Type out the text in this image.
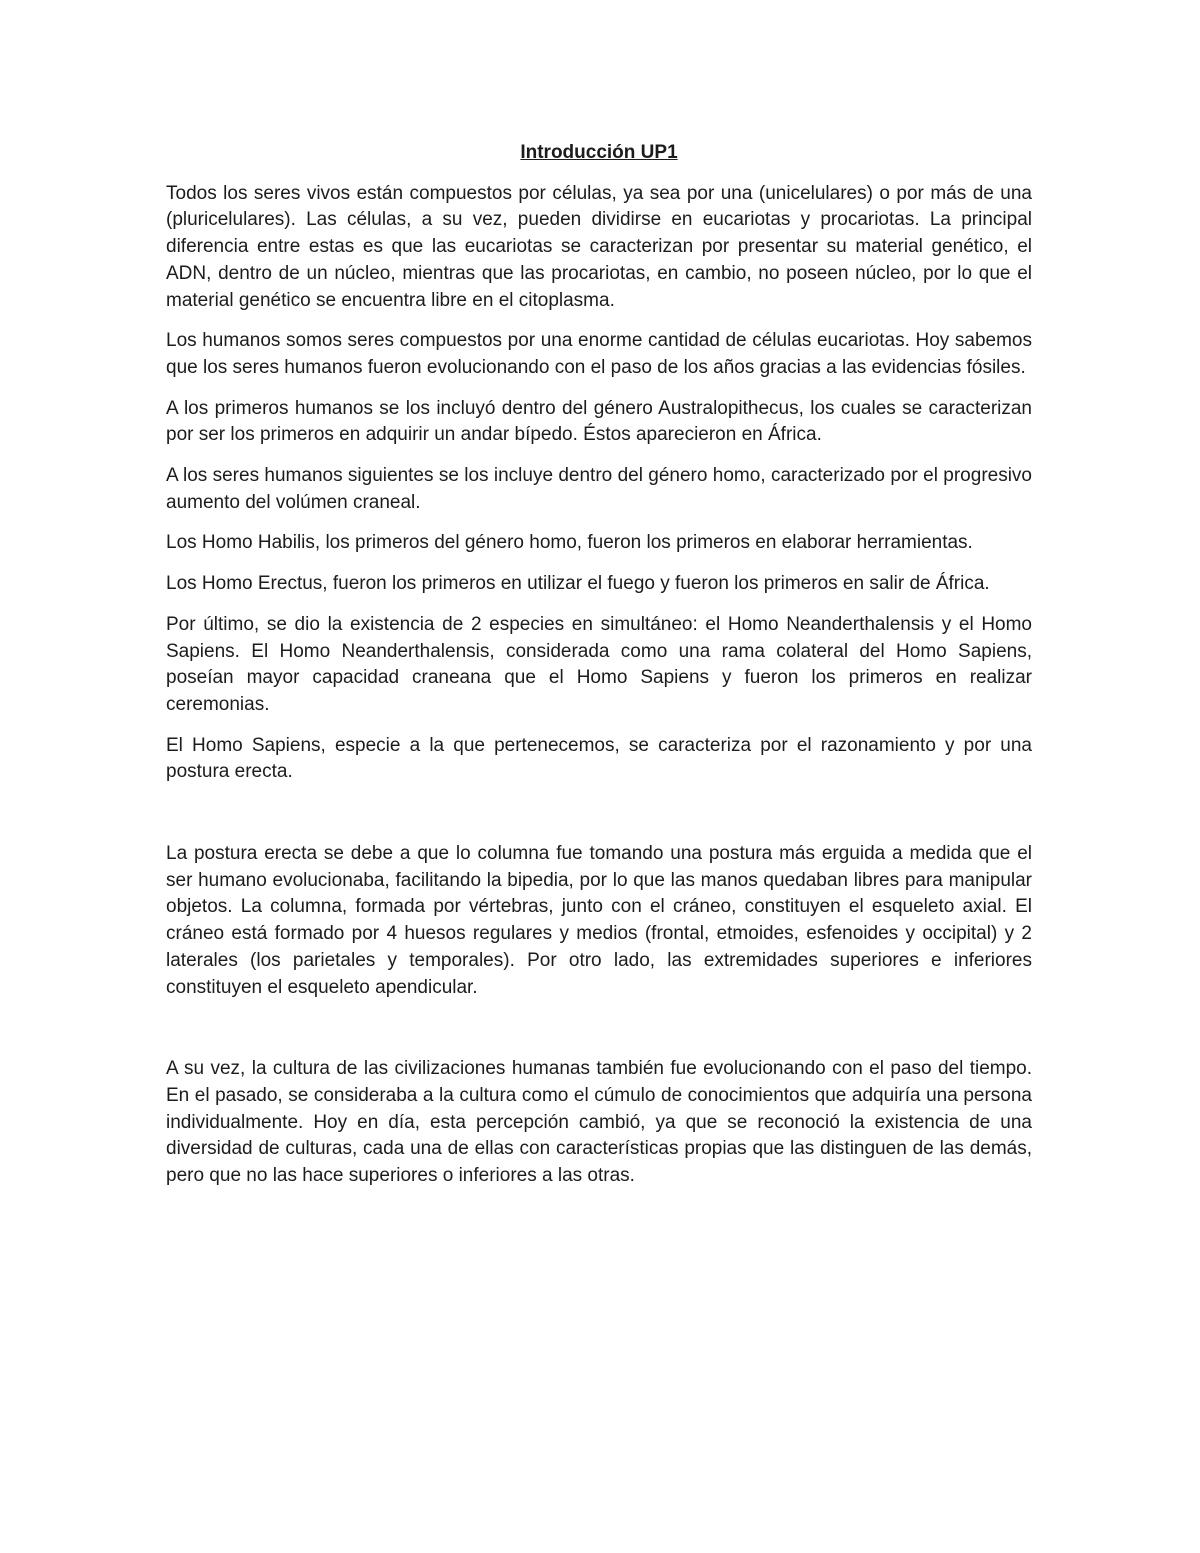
Introducción UP1

Todos los seres vivos están compuestos por células, ya sea por una (unicelulares) o por más de una (pluricelulares). Las células, a su vez, pueden dividirse en eucariotas y procariotas. La principal diferencia entre estas es que las eucariotas se caracterizan por presentar su material genético, el ADN, dentro de un núcleo, mientras que las procariotas, en cambio, no poseen núcleo, por lo que el material genético se encuentra libre en el citoplasma.

Los humanos somos seres compuestos por una enorme cantidad de células eucariotas. Hoy sabemos que los seres humanos fueron evolucionando con el paso de los años gracias a las evidencias fósiles.

A los primeros humanos se los incluyó dentro del género Australopithecus, los cuales se caracterizan por ser los primeros en adquirir un andar bípedo. Éstos aparecieron en África.

A los seres humanos siguientes se los incluye dentro del género homo, caracterizado por el progresivo aumento del volúmen craneal.

Los Homo Habilis, los primeros del género homo, fueron los primeros en elaborar herramientas.

Los Homo Erectus, fueron los primeros en utilizar el fuego y fueron los primeros en salir de África.

Por último, se dio la existencia de 2 especies en simultáneo: el Homo Neanderthalensis y el Homo Sapiens. El Homo Neanderthalensis, considerada como una rama colateral del Homo Sapiens, poseían mayor capacidad craneana que el Homo Sapiens y fueron los primeros en realizar ceremonias.

El Homo Sapiens, especie a la que pertenecemos, se caracteriza por el razonamiento y por una postura erecta.

La postura erecta se debe a que lo columna fue tomando una postura más erguida a medida que el ser humano evolucionaba, facilitando la bipedia, por lo que las manos quedaban libres para manipular objetos. La columna, formada por vértebras, junto con el cráneo, constituyen el esqueleto axial. El cráneo está formado por 4 huesos regulares y medios (frontal, etmoides, esfenoides y occipital) y 2 laterales (los parietales y temporales). Por otro lado, las extremidades superiores e inferiores constituyen el esqueleto apendicular.

A su vez, la cultura de las civilizaciones humanas también fue evolucionando con el paso del tiempo. En el pasado, se consideraba a la cultura como el cúmulo de conocimientos que adquiría una persona individualmente. Hoy en día, esta percepción cambió, ya que se reconoció la existencia de una diversidad de culturas, cada una de ellas con características propias que las distinguen de las demás, pero que no las hace superiores o inferiores a las otras.
